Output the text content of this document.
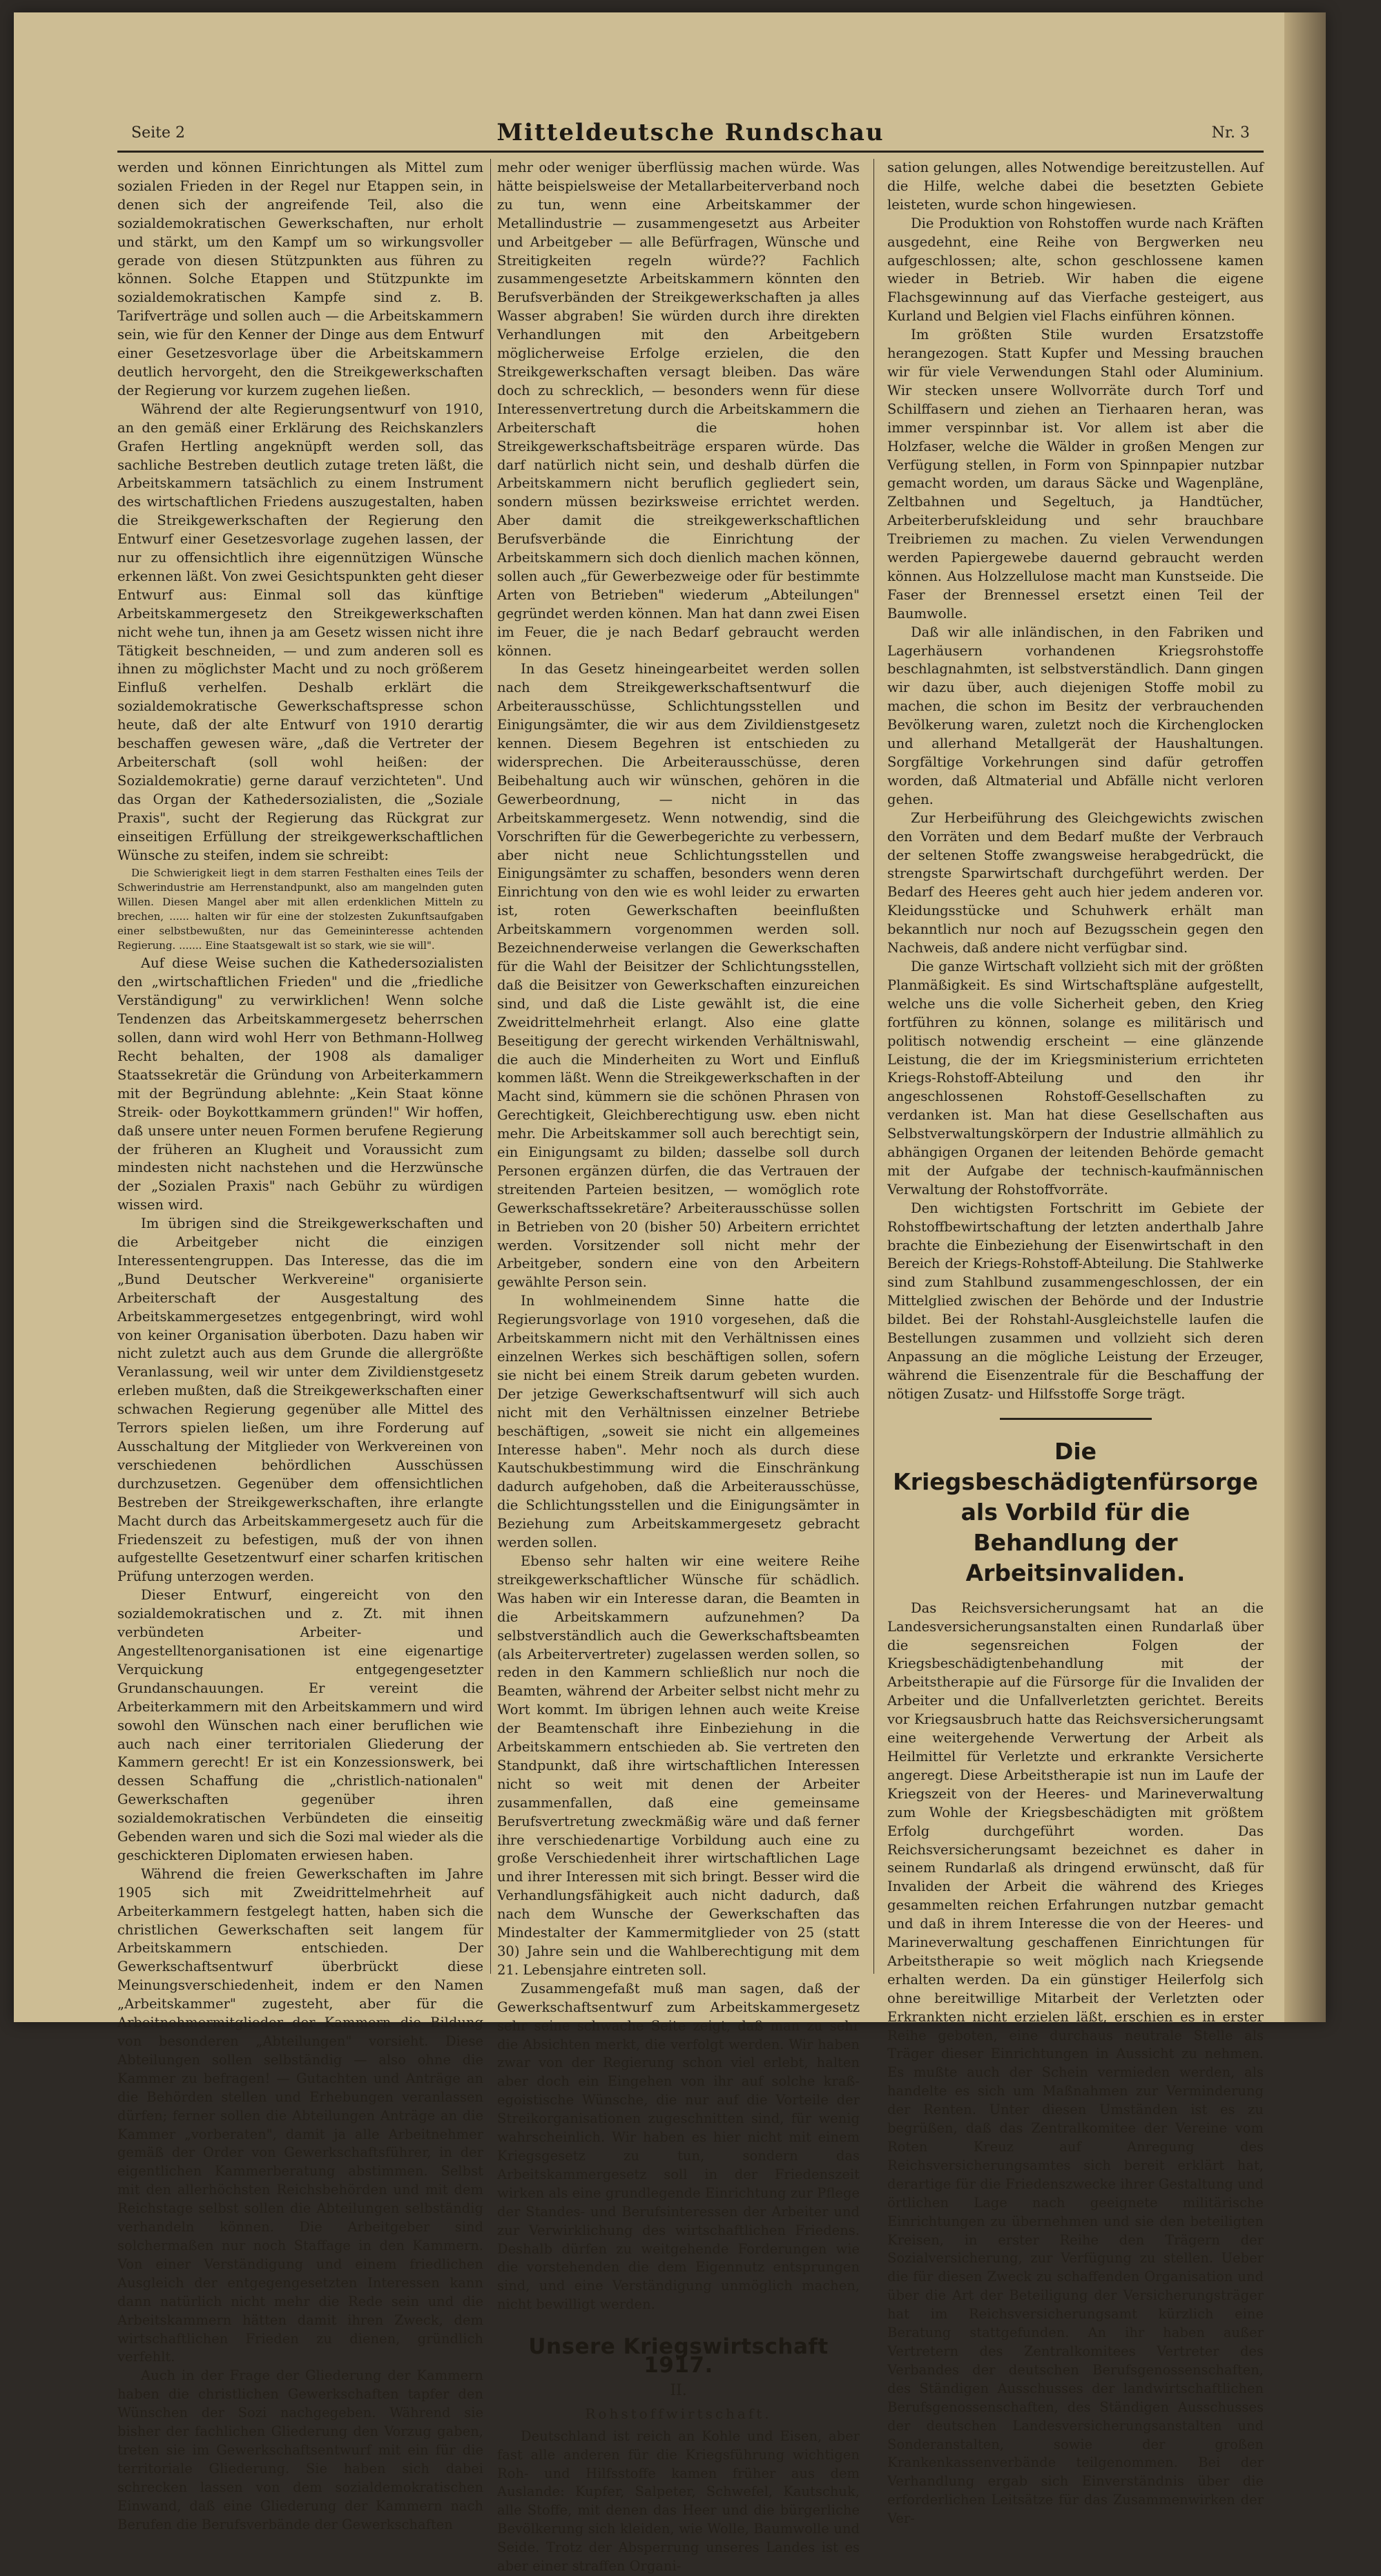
Seite 2	Mitteldeutsche Rundschau	Nr. 3

werden und können Einrichtungen als Mittel zum sozialen Frieden in der Regel nur Etappen sein, in denen sich der angreifende Teil, also die sozialdemokratischen Gewerkschaften, nur erholt und stärkt, um den Kampf um so wirkungsvoller gerade von diesen Stützpunkten aus führen zu können. Solche Etappen und Stützpunkte im sozialdemokratischen Kampfe sind z. B. Tarifverträge und sollen auch — die Arbeitskammern sein, wie für den Kenner der Dinge aus dem Entwurf einer Gesetzesvorlage über die Arbeitskammern deutlich hervorgeht, den die Streikgewerkschaften der Regierung vor kurzem zugehen ließen.

Während der alte Regierungsentwurf von 1910, an den gemäß einer Erklärung des Reichskanzlers Grafen Hertling angeknüpft werden soll, das sachliche Bestreben deutlich zutage treten läßt, die Arbeitskammern tatsächlich zu einem Instrument des wirtschaftlichen Friedens auszugestalten, haben die Streikgewerkschaften der Regierung den Entwurf einer Gesetzesvorlage zugehen lassen, der nur zu offensichtlich ihre eigennützigen Wünsche erkennen läßt. Von zwei Gesichtspunkten geht dieser Entwurf aus: Einmal soll das künftige Arbeitskammergesetz den Streikgewerkschaften nicht wehe tun, ihnen ja am Gesetz wissen nicht ihre Tätigkeit beschneiden, — und zum anderen soll es ihnen zu möglichster Macht und zu noch größerem Einfluß verhelfen. Deshalb erklärt die sozialdemokratische Gewerkschaftspresse schon heute, daß der alte Entwurf von 1910 derartig beschaffen gewesen wäre, „daß die Vertreter der Arbeiterschaft (soll wohl heißen: der Sozialdemokratie) gerne darauf verzichteten". Und das Organ der Kathedersozialisten, die „Soziale Praxis", sucht der Regierung das Rückgrat zur einseitigen Erfüllung der streikgewerkschaftlichen Wünsche zu steifen, indem sie schreibt:

Die Schwierigkeit liegt in dem starren Festhalten eines Teils der Schwerindustrie am Herrenstandpunkt, also am mangelnden guten Willen. Diesen Mangel aber mit allen erdenklichen Mitteln zu brechen, ...... halten wir für eine der stolzesten Zukunftsaufgaben einer selbstbewußten, nur das Gemeininteresse achtenden Regierung. ....... Eine Staatsgewalt ist so stark, wie sie will".

Auf diese Weise suchen die Kathedersozialisten den „wirtschaftlichen Frieden" und die „friedliche Verständigung" zu verwirklichen! Wenn solche Tendenzen das Arbeitskammergesetz beherrschen sollen, dann wird wohl Herr von Bethmann-Hollweg Recht behalten, der 1908 als damaliger Staatssekretär die Gründung von Arbeiterkammern mit der Begründung ablehnte: „Kein Staat könne Streik- oder Boykottkammern gründen!" Wir hoffen, daß unsere unter neuen Formen berufene Regierung der früheren an Klugheit und Voraussicht zum mindesten nicht nachstehen und die Herzwünsche der „Sozialen Praxis" nach Gebühr zu würdigen wissen wird.

Im übrigen sind die Streikgewerkschaften und die Arbeitgeber nicht die einzigen Interessentengruppen. Das Interesse, das die im „Bund Deutscher Werkvereine" organisierte Arbeiterschaft der Ausgestaltung des Arbeitskammergesetzes entgegenbringt, wird wohl von keiner Organisation überboten. Dazu haben wir nicht zuletzt auch aus dem Grunde die allergrößte Veranlassung, weil wir unter dem Zivildienstgesetz erleben mußten, daß die Streikgewerkschaften einer schwachen Regierung gegenüber alle Mittel des Terrors spielen ließen, um ihre Forderung auf Ausschaltung der Mitglieder von Werkvereinen von verschiedenen behördlichen Ausschüssen durchzusetzen. Gegenüber dem offensichtlichen Bestreben der Streikgewerkschaften, ihre erlangte Macht durch das Arbeitskammergesetz auch für die Friedenszeit zu befestigen, muß der von ihnen aufgestellte Gesetzentwurf einer scharfen kritischen Prüfung unterzogen werden.

Dieser Entwurf, eingereicht von den sozialdemokratischen und z. Zt. mit ihnen verbündeten Arbeiter- und Angestelltenorganisationen ist eine eigenartige Verquickung entgegengesetzter Grundanschauungen. Er vereint die Arbeiterkammern mit den Arbeitskammern und wird sowohl den Wünschen nach einer beruflichen wie auch nach einer territorialen Gliederung der Kammern gerecht! Er ist ein Konzessionswerk, bei dessen Schaffung die „christlich-nationalen" Gewerkschaften gegenüber ihren sozialdemokratischen Verbündeten die einseitig Gebenden waren und sich die Sozi mal wieder als die geschickteren Diplomaten erwiesen haben.

Während die freien Gewerkschaften im Jahre 1905 sich mit Zweidrittelmehrheit auf Arbeiterkammern festgelegt hatten, haben sich die christlichen Gewerkschaften seit langem für Arbeitskammern entschieden. Der Gewerkschaftsentwurf überbrückt diese Meinungsverschiedenheit, indem er den Namen „Arbeitskammer" zugesteht, aber für die Arbeitnehmermitglieder der Kammern die Bildung von besonderen „Abteilungen" vorsieht. Diese Abteilungen sollen selbständig — also ohne die Kammer zu befragen! — Gutachten und Anträge an die Behörden stellen und Erhebungen veranlassen dürfen; ferner sollen die Abteilungen Anträge an die Kammer „vorberaten", damit ja alle Arbeitnehmer gemäß der Order von Gewerkschaftsführer, in der eigentlichen Kammerberatung abstimmen. Selbst mit den allerhöchsten Reichsbehörden und mit dem Reichstage selbst sollen die Abteilungen selbständig verhandeln können. Die Arbeitgeber sind solchermaßen nur noch Staffage in den Kammern. Von einer Verständigung und einem friedlichen Ausgleich der entgegengesetzten Interessen kann dann natürlich nicht mehr die Rede sein und die Arbeitskammern hätten damit ihren Zweck, dem wirtschaftlichen Frieden zu dienen, gründlich verfehlt.

Auch in der Frage der Gliederung der Kammern haben die christlichen Gewerkschaften tapfer den Wünschen der Sozi nachgegeben. Während sie bisher der fachlichen Gliederung den Vorzug gaben, treten sie im Gewerkschaftsentwurf mit ein für die territoriale Gliederung. Sie haben sich dabei schrecken lassen von dem sozialdemokratischen Einwand, daß eine Gliederung der Kammern nach Berufen die Berufsverbände der Gewerkschaften

mehr oder weniger überflüssig machen würde. Was hätte beispielsweise der Metallarbeiterverband noch zu tun, wenn eine Arbeitskammer der Metallindustrie — zusammengesetzt aus Arbeiter und Arbeitgeber — alle Befürfragen, Wünsche und Streitigkeiten regeln würde?? Fachlich zusammengesetzte Arbeitskammern könnten den Berufsverbänden der Streikgewerkschaften ja alles Wasser abgraben! Sie würden durch ihre direkten Verhandlungen mit den Arbeitgebern möglicherweise Erfolge erzielen, die den Streikgewerkschaften versagt bleiben. Das wäre doch zu schrecklich, — besonders wenn für diese Interessenvertretung durch die Arbeitskammern die Arbeiterschaft die hohen Streikgewerkschaftsbeiträge ersparen würde. Das darf natürlich nicht sein, und deshalb dürfen die Arbeitskammern nicht beruflich gegliedert sein, sondern müssen bezirksweise errichtet werden. Aber damit die streikgewerkschaftlichen Berufsverbände die Einrichtung der Arbeitskammern sich doch dienlich machen können, sollen auch „für Gewerbezweige oder für bestimmte Arten von Betrieben" wiederum „Abteilungen" gegründet werden können. Man hat dann zwei Eisen im Feuer, die je nach Bedarf gebraucht werden können.

In das Gesetz hineingearbeitet werden sollen nach dem Streikgewerkschaftsentwurf die Arbeiterausschüsse, Schlichtungsstellen und Einigungsämter, die wir aus dem Zivildienstgesetz kennen. Diesem Begehren ist entschieden zu widersprechen. Die Arbeiterausschüsse, deren Beibehaltung auch wir wünschen, gehören in die Gewerbeordnung, — nicht in das Arbeitskammergesetz. Wenn notwendig, sind die Vorschriften für die Gewerbegerichte zu verbessern, aber nicht neue Schlichtungsstellen und Einigungsämter zu schaffen, besonders wenn deren Einrichtung von den wie es wohl leider zu erwarten ist, roten Gewerkschaften beeinflußten Arbeitskammern vorgenommen werden soll. Bezeichnenderweise verlangen die Gewerkschaften für die Wahl der Beisitzer der Schlichtungsstellen, daß die Beisitzer von Gewerkschaften einzureichen sind, und daß die Liste gewählt ist, die eine Zweidrittelmehrheit erlangt. Also eine glatte Beseitigung der gerecht wirkenden Verhältniswahl, die auch die Minderheiten zu Wort und Einfluß kommen läßt. Wenn die Streikgewerkschaften in der Macht sind, kümmern sie die schönen Phrasen von Gerechtigkeit, Gleichberechtigung usw. eben nicht mehr. Die Arbeitskammer soll auch berechtigt sein, ein Einigungsamt zu bilden; dasselbe soll durch Personen ergänzen dürfen, die das Vertrauen der streitenden Parteien besitzen, — womöglich rote Gewerkschaftssekretäre? Arbeiterausschüsse sollen in Betrieben von 20 (bisher 50) Arbeitern errichtet werden. Vorsitzender soll nicht mehr der Arbeitgeber, sondern eine von den Arbeitern gewählte Person sein.

In wohlmeinendem Sinne hatte die Regierungsvorlage von 1910 vorgesehen, daß die Arbeitskammern nicht mit den Verhältnissen eines einzelnen Werkes sich beschäftigen sollen, sofern sie nicht bei einem Streik darum gebeten wurden. Der jetzige Gewerkschaftsentwurf will sich auch nicht mit den Verhältnissen einzelner Betriebe beschäftigen, „soweit sie nicht ein allgemeines Interesse haben". Mehr noch als durch diese Kautschukbestimmung wird die Einschränkung dadurch aufgehoben, daß die Arbeiterausschüsse, die Schlichtungsstellen und die Einigungsämter in Beziehung zum Arbeitskammergesetz gebracht werden sollen.

Ebenso sehr halten wir eine weitere Reihe streikgewerkschaftlicher Wünsche für schädlich. Was haben wir ein Interesse daran, die Beamten in die Arbeitskammern aufzunehmen? Da selbstverständlich auch die Gewerkschaftsbeamten (als Arbeitervertreter) zugelassen werden sollen, so reden in den Kammern schließlich nur noch die Beamten, während der Arbeiter selbst nicht mehr zu Wort kommt. Im übrigen lehnen auch weite Kreise der Beamtenschaft ihre Einbeziehung in die Arbeitskammern entschieden ab. Sie vertreten den Standpunkt, daß ihre wirtschaftlichen Interessen nicht so weit mit denen der Arbeiter zusammenfallen, daß eine gemeinsame Berufsvertretung zweckmäßig wäre und daß ferner ihre verschiedenartige Vorbildung auch eine zu große Verschiedenheit ihrer wirtschaftlichen Lage und ihrer Interessen mit sich bringt. Besser wird die Verhandlungsfähigkeit auch nicht dadurch, daß nach dem Wunsche der Gewerkschaften das Mindestalter der Kammermitglieder von 25 (statt 30) Jahre sein und die Wahlberechtigung mit dem 21. Lebensjahre eintreten soll.

Zusammengefaßt muß man sagen, daß der Gewerkschaftsentwurf zum Arbeitskammergesetz sehr seine schwache Seite zeigt, daß man zu sehr die Absichten merkt, die verfolgt werden. Wir haben zwar von der Regierung schon viel erlebt, halten aber doch ein Eingehen von ihr auf solche kraß-egoistische Wünsche, die nur auf die Vorteile der Streikorganisationen zugeschnitten sind, für wenig wahrscheinlich. Wir haben es hier nicht mit einem Kriegsgesetz zu tun, sondern das Arbeitskammergesetz soll in der Friedenszeit wirken als eine grundlegende Einrichtung zur Pflege der Standes- und Berufsinteressen der Arbeiter und zur Verwirklichung des wirtschaftlichen Friedens. Deshalb dürfen zu weitgehende Forderungen wie die vorstehenden die dem Eigennutz entsprungen sind, und eine Verständigung unmöglich machen, nicht bewilligt werden.

Unsere Kriegswirtschaft 1917.
II.
Rohstoffwirtschaft.

Deutschland ist reich an Kohle und Eisen, aber fast alle anderen für die Kriegsführung wichtigen Roh- und Hilfsstoffe kamen früher aus dem Auslande: Kupfer, Salpeter, Schwefel, Kautschuk, alle Stoffe, mit denen das Heer und die bürgerliche Bevölkerung sich kleiden, wie Wolle, Baumwolle und Seide. Trotz der Absperrung unseres Landes ist es aber einer straffen Organi-

sation gelungen, alles Notwendige bereitzustellen. Auf die Hilfe, welche dabei die besetzten Gebiete leisteten, wurde schon hingewiesen.

Die Produktion von Rohstoffen wurde nach Kräften ausgedehnt, eine Reihe von Bergwerken neu aufgeschlossen; alte, schon geschlossene kamen wieder in Betrieb. Wir haben die eigene Flachsgewinnung auf das Vierfache gesteigert, aus Kurland und Belgien viel Flachs einführen können.

Im größten Stile wurden Ersatzstoffe herangezogen. Statt Kupfer und Messing brauchen wir für viele Verwendungen Stahl oder Aluminium. Wir stecken unsere Wollvorräte durch Torf und Schilffasern und ziehen an Tierhaaren heran, was immer verspinnbar ist. Vor allem ist aber die Holzfaser, welche die Wälder in großen Mengen zur Verfügung stellen, in Form von Spinnpapier nutzbar gemacht worden, um daraus Säcke und Wagenpläne, Zeltbahnen und Segeltuch, ja Handtücher, Arbeiterberufskleidung und sehr brauchbare Treibriemen zu machen. Zu vielen Verwendungen werden Papiergewebe dauernd gebraucht werden können. Aus Holzzellulose macht man Kunstseide. Die Faser der Brennessel ersetzt einen Teil der Baumwolle.

Daß wir alle inländischen, in den Fabriken und Lagerhäusern vorhandenen Kriegsrohstoffe beschlagnahmten, ist selbstverständlich. Dann gingen wir dazu über, auch diejenigen Stoffe mobil zu machen, die schon im Besitz der verbrauchenden Bevölkerung waren, zuletzt noch die Kirchenglocken und allerhand Metallgerät der Haushaltungen. Sorgfältige Vorkehrungen sind dafür getroffen worden, daß Altmaterial und Abfälle nicht verloren gehen.

Zur Herbeiführung des Gleichgewichts zwischen den Vorräten und dem Bedarf mußte der Verbrauch der seltenen Stoffe zwangsweise herabgedrückt, die strengste Sparwirtschaft durchgeführt werden. Der Bedarf des Heeres geht auch hier jedem anderen vor. Kleidungsstücke und Schuhwerk erhält man bekanntlich nur noch auf Bezugsschein gegen den Nachweis, daß andere nicht verfügbar sind.

Die ganze Wirtschaft vollzieht sich mit der größten Planmäßigkeit. Es sind Wirtschaftspläne aufgestellt, welche uns die volle Sicherheit geben, den Krieg fortführen zu können, solange es militärisch und politisch notwendig erscheint — eine glänzende Leistung, die der im Kriegsministerium errichteten Kriegs-Rohstoff-Abteilung und den ihr angeschlossenen Rohstoff-Gesellschaften zu verdanken ist. Man hat diese Gesellschaften aus Selbstverwaltungskörpern der Industrie allmählich zu abhängigen Organen der leitenden Behörde gemacht mit der Aufgabe der technisch-kaufmännischen Verwaltung der Rohstoffvorräte.

Den wichtigsten Fortschritt im Gebiete der Rohstoffbewirtschaftung der letzten anderthalb Jahre brachte die Einbeziehung der Eisenwirtschaft in den Bereich der Kriegs-Rohstoff-Abteilung. Die Stahlwerke sind zum Stahlbund zusammengeschlossen, der ein Mittelglied zwischen der Behörde und der Industrie bildet. Bei der Rohstahl-Ausgleichstelle laufen die Bestellungen zusammen und vollzieht sich deren Anpassung an die mögliche Leistung der Erzeuger, während die Eisenzentrale für die Beschaffung der nötigen Zusatz- und Hilfsstoffe Sorge trägt.

Die Kriegsbeschädigtenfürsorge
als Vorbild für die Behandlung der
Arbeitsinvaliden.

Das Reichsversicherungsamt hat an die Landesversicherungsanstalten einen Rundarlaß über die segensreichen Folgen der Kriegsbeschädigtenbehandlung mit der Arbeitstherapie auf die Fürsorge für die Invaliden der Arbeiter und die Unfallverletzten gerichtet. Bereits vor Kriegsausbruch hatte das Reichsversicherungsamt eine weitergehende Verwertung der Arbeit als Heilmittel für Verletzte und erkrankte Versicherte angeregt. Diese Arbeitstherapie ist nun im Laufe der Kriegszeit von der Heeres- und Marineverwaltung zum Wohle der Kriegsbeschädigten mit größtem Erfolg durchgeführt worden. Das Reichsversicherungsamt bezeichnet es daher in seinem Rundarlaß als dringend erwünscht, daß für Invaliden der Arbeit die während des Krieges gesammelten reichen Erfahrungen nutzbar gemacht und daß in ihrem Interesse die von der Heeres- und Marineverwaltung geschaffenen Einrichtungen für Arbeitstherapie so weit möglich nach Kriegsende erhalten werden. Da ein günstiger Heilerfolg sich ohne bereitwillige Mitarbeit der Verletzten oder Erkrankten nicht erzielen läßt, erschien es in erster Reihe geboten, eine durchaus neutrale Stelle als Träger dieser Einrichtungen in Aussicht zu nehmen. Es mußte auch der Schein vermieden werden, als handelte es sich um Maßnahmen zur Verminderung der Renten. Unter diesen Umständen ist es zu begrüßen, daß das Zentralkomitee der Vereine vom Roten Kreuz auf Anregung des Reichsversicherungsamtes sich bereit erklärt hat, derartige für die Friedenszwecke ihrer Gestaltung und örtlichen Lage nach geeignete militärische Einrichtungen zu übernehmen und sie den beteiligten Kreisen, in erster Reihe den Trägern der Sozialversicherung, zur Verfügung zu stellen. Ueber die für diesen Zweck zu schaffenden Organisation und über die Art der Beteiligung der Versicherungsträger hat im Reichsversicherungsamt kürzlich eine Beratung stattgefunden. An ihr haben außer Vertretern des Zentralkomitees Vertreter des Verbandes der deutschen Berufsgenossenschaften, des Ständigen Ausschusses der landwirtschaftlichen Berufsgenossenschaften, des Ständigen Ausschusses der deutschen Landesversicherungsanstalten und Sonderanstalten, sowie der großen Krankenkassenverbände teilgenommen. Bei der Verhandlung ergab sich Einverständnis über die erforderlichen Leitsätze für das Zusammenwirken der Ver-
